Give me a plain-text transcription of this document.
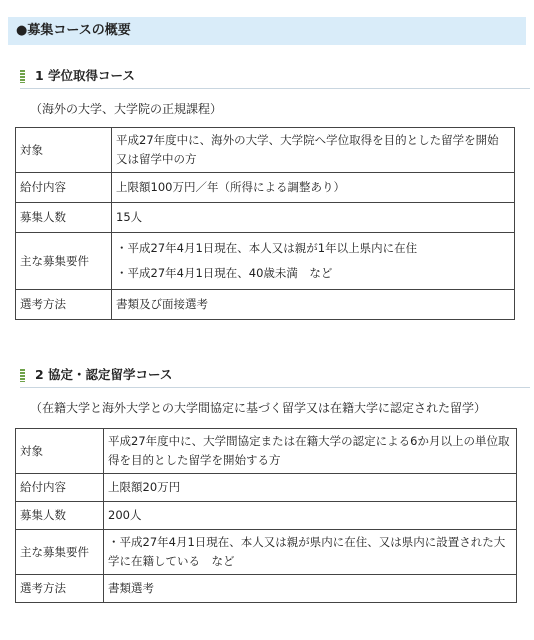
●募集コースの概要
1 学位取得コース
（海外の大学、大学院の正規課程）
対象	平成27年度中に、海外の大学、大学院へ学位取得を目的とした留学を開始又は留学中の方
給付内容	上限額100万円／年（所得による調整あり）
募集人数	15人
主な募集要件	・平成27年4月1日現在、本人又は親が1年以上県内に在住
・平成27年4月1日現在、40歳未満　など

選考方法	書類及び面接選考
2 協定・認定留学コース
（在籍大学と海外大学との大学間協定に基づく留学又は在籍大学に認定された留学）
対象	平成27年度中に、大学間協定または在籍大学の認定による6か月以上の単位取得を目的とした留学を開始する方
給付内容	上限額20万円
募集人数	200人
主な募集要件	・平成27年4月1日現在、本人又は親が県内に在住、又は県内に設置された大学に在籍している　など
選考方法	書類選考
